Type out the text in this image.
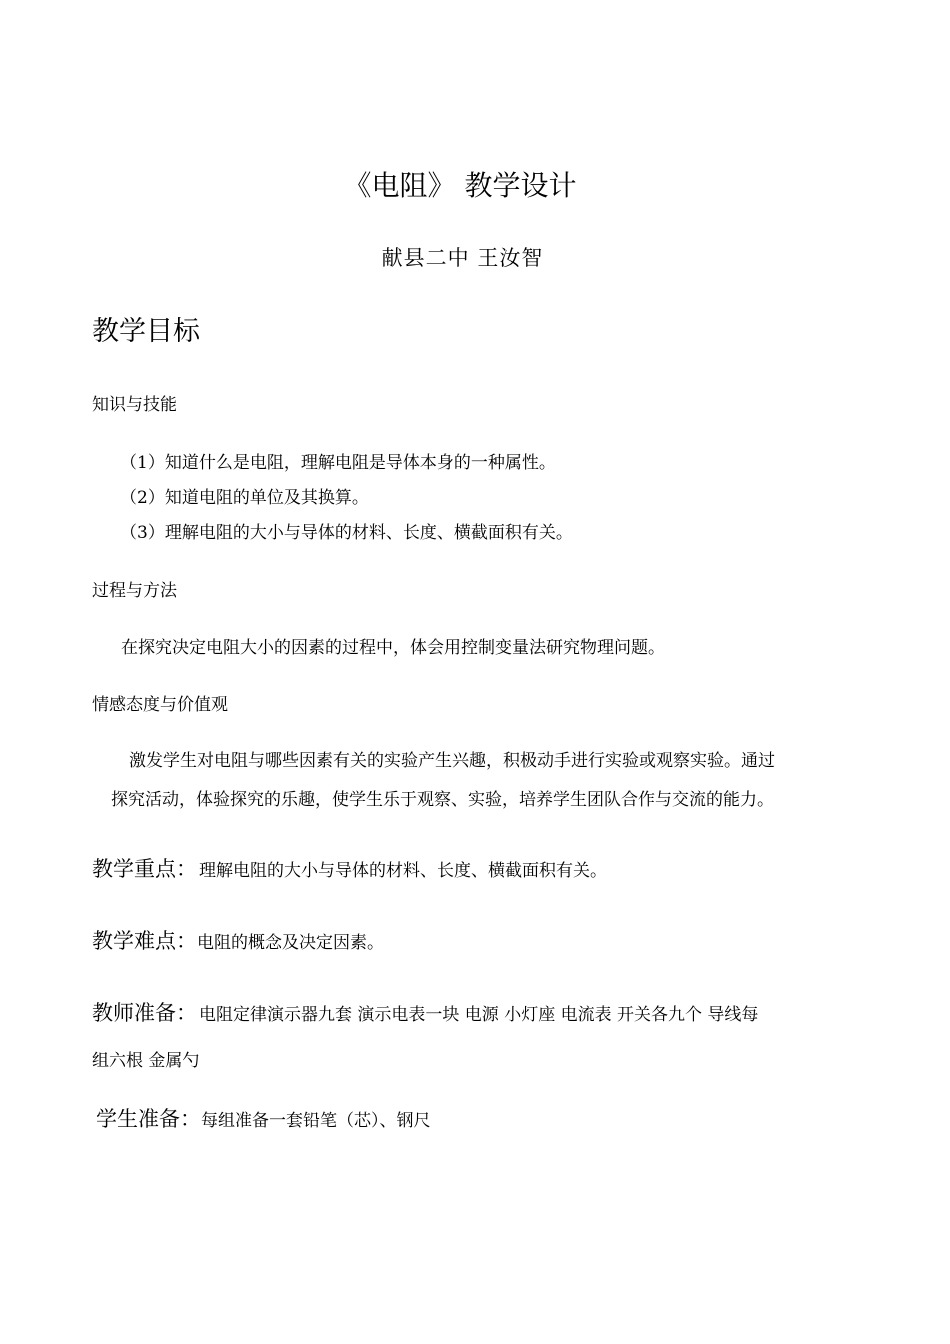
《电阻》 教学设计
献县二中 王汝智
教学目标
知识与技能
（1）知道什么是电阻，理解电阻是导体本身的一种属性。
（2）知道电阻的单位及其换算。
（3）理解电阻的大小与导体的材料、长度、横截面积有关。
过程与方法
在探究决定电阻大小的因素的过程中，体会用控制变量法研究物理问题。
情感态度与价值观
激发学生对电阻与哪些因素有关的实验产生兴趣，积极动手进行实验或观察实验。通过
探究活动，体验探究的乐趣，使学生乐于观察、实验，培养学生团队合作与交流的能力。
教学重点： 理解电阻的大小与导体的材料、长度、横截面积有关。
教学难点：电阻的概念及决定因素。
教师准备： 电阻定律演示器九套 演示电表一块 电源 小灯座 电流表 开关各九个 导线每
组六根 金属勺
学生准备：每组准备一套铅笔（芯）、钢尺
